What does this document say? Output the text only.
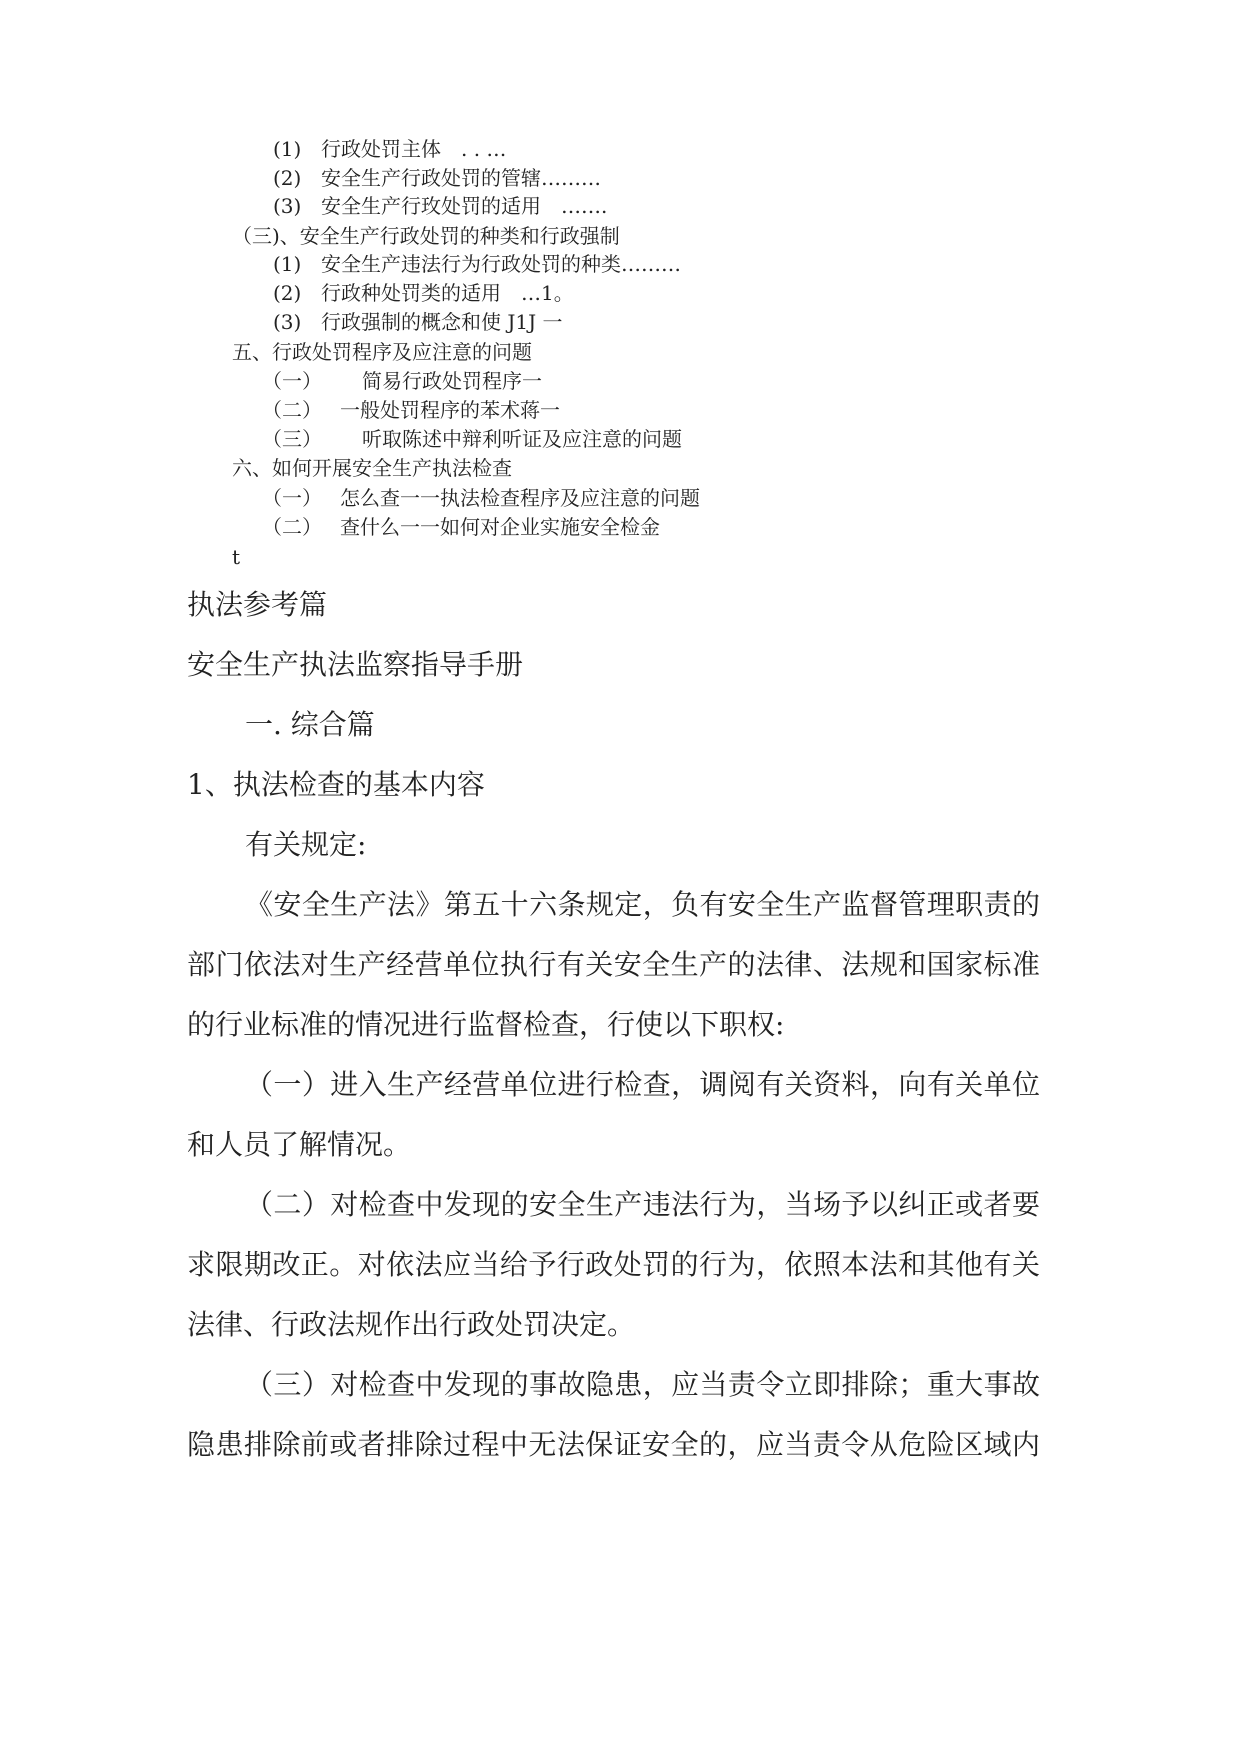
(1) 行政处罚主体　. . …
(2) 安全生产行政处罚的管辖………
(3) 安全生产行玫处罚的适用　…….
（三)、安全生产行政处罚的种类和行政强制
(1) 安全生产违法行为行政处罚的种类………
(2) 行政种处罚类的适用　…1。
(3) 行政强制的概念和使 J1J 一
五、行政处罚程序及应注意的问题
（一） 简易行政处罚程序一
（二） 一般处罚程序的苯术蒋一
（三） 听取陈述中辩利听证及应注意的问题
六、如何开展安全生产执法检查
（一） 怎么查一一执法检查程序及应注意的问题
（二） 查什么一一如何对企业实施安全检金
t
执法参考篇
安全生产执法监察指导手册
一. 综合篇
1、执法检查的基本内容
有关规定:
《安全生产法》第五十六条规定，负有安全生产监督管理职责的
部门依法对生产经营单位执行有关安全生产的法律、法规和国家标准
的行业标准的情况进行监督检查，行使以下职权:
（一）进入生产经营单位进行检查，调阅有关资料，向有关单位
和人员了解情况。
（二）对检查中发现的安全生产违法行为，当场予以纠正或者要
求限期改正。对依法应当给予行政处罚的行为，依照本法和其他有关
法律、行政法规作出行政处罚决定。
（三）对检查中发现的事故隐患，应当责令立即排除；重大事故
隐患排除前或者排除过程中无法保证安全的，应当责令从危险区域内
